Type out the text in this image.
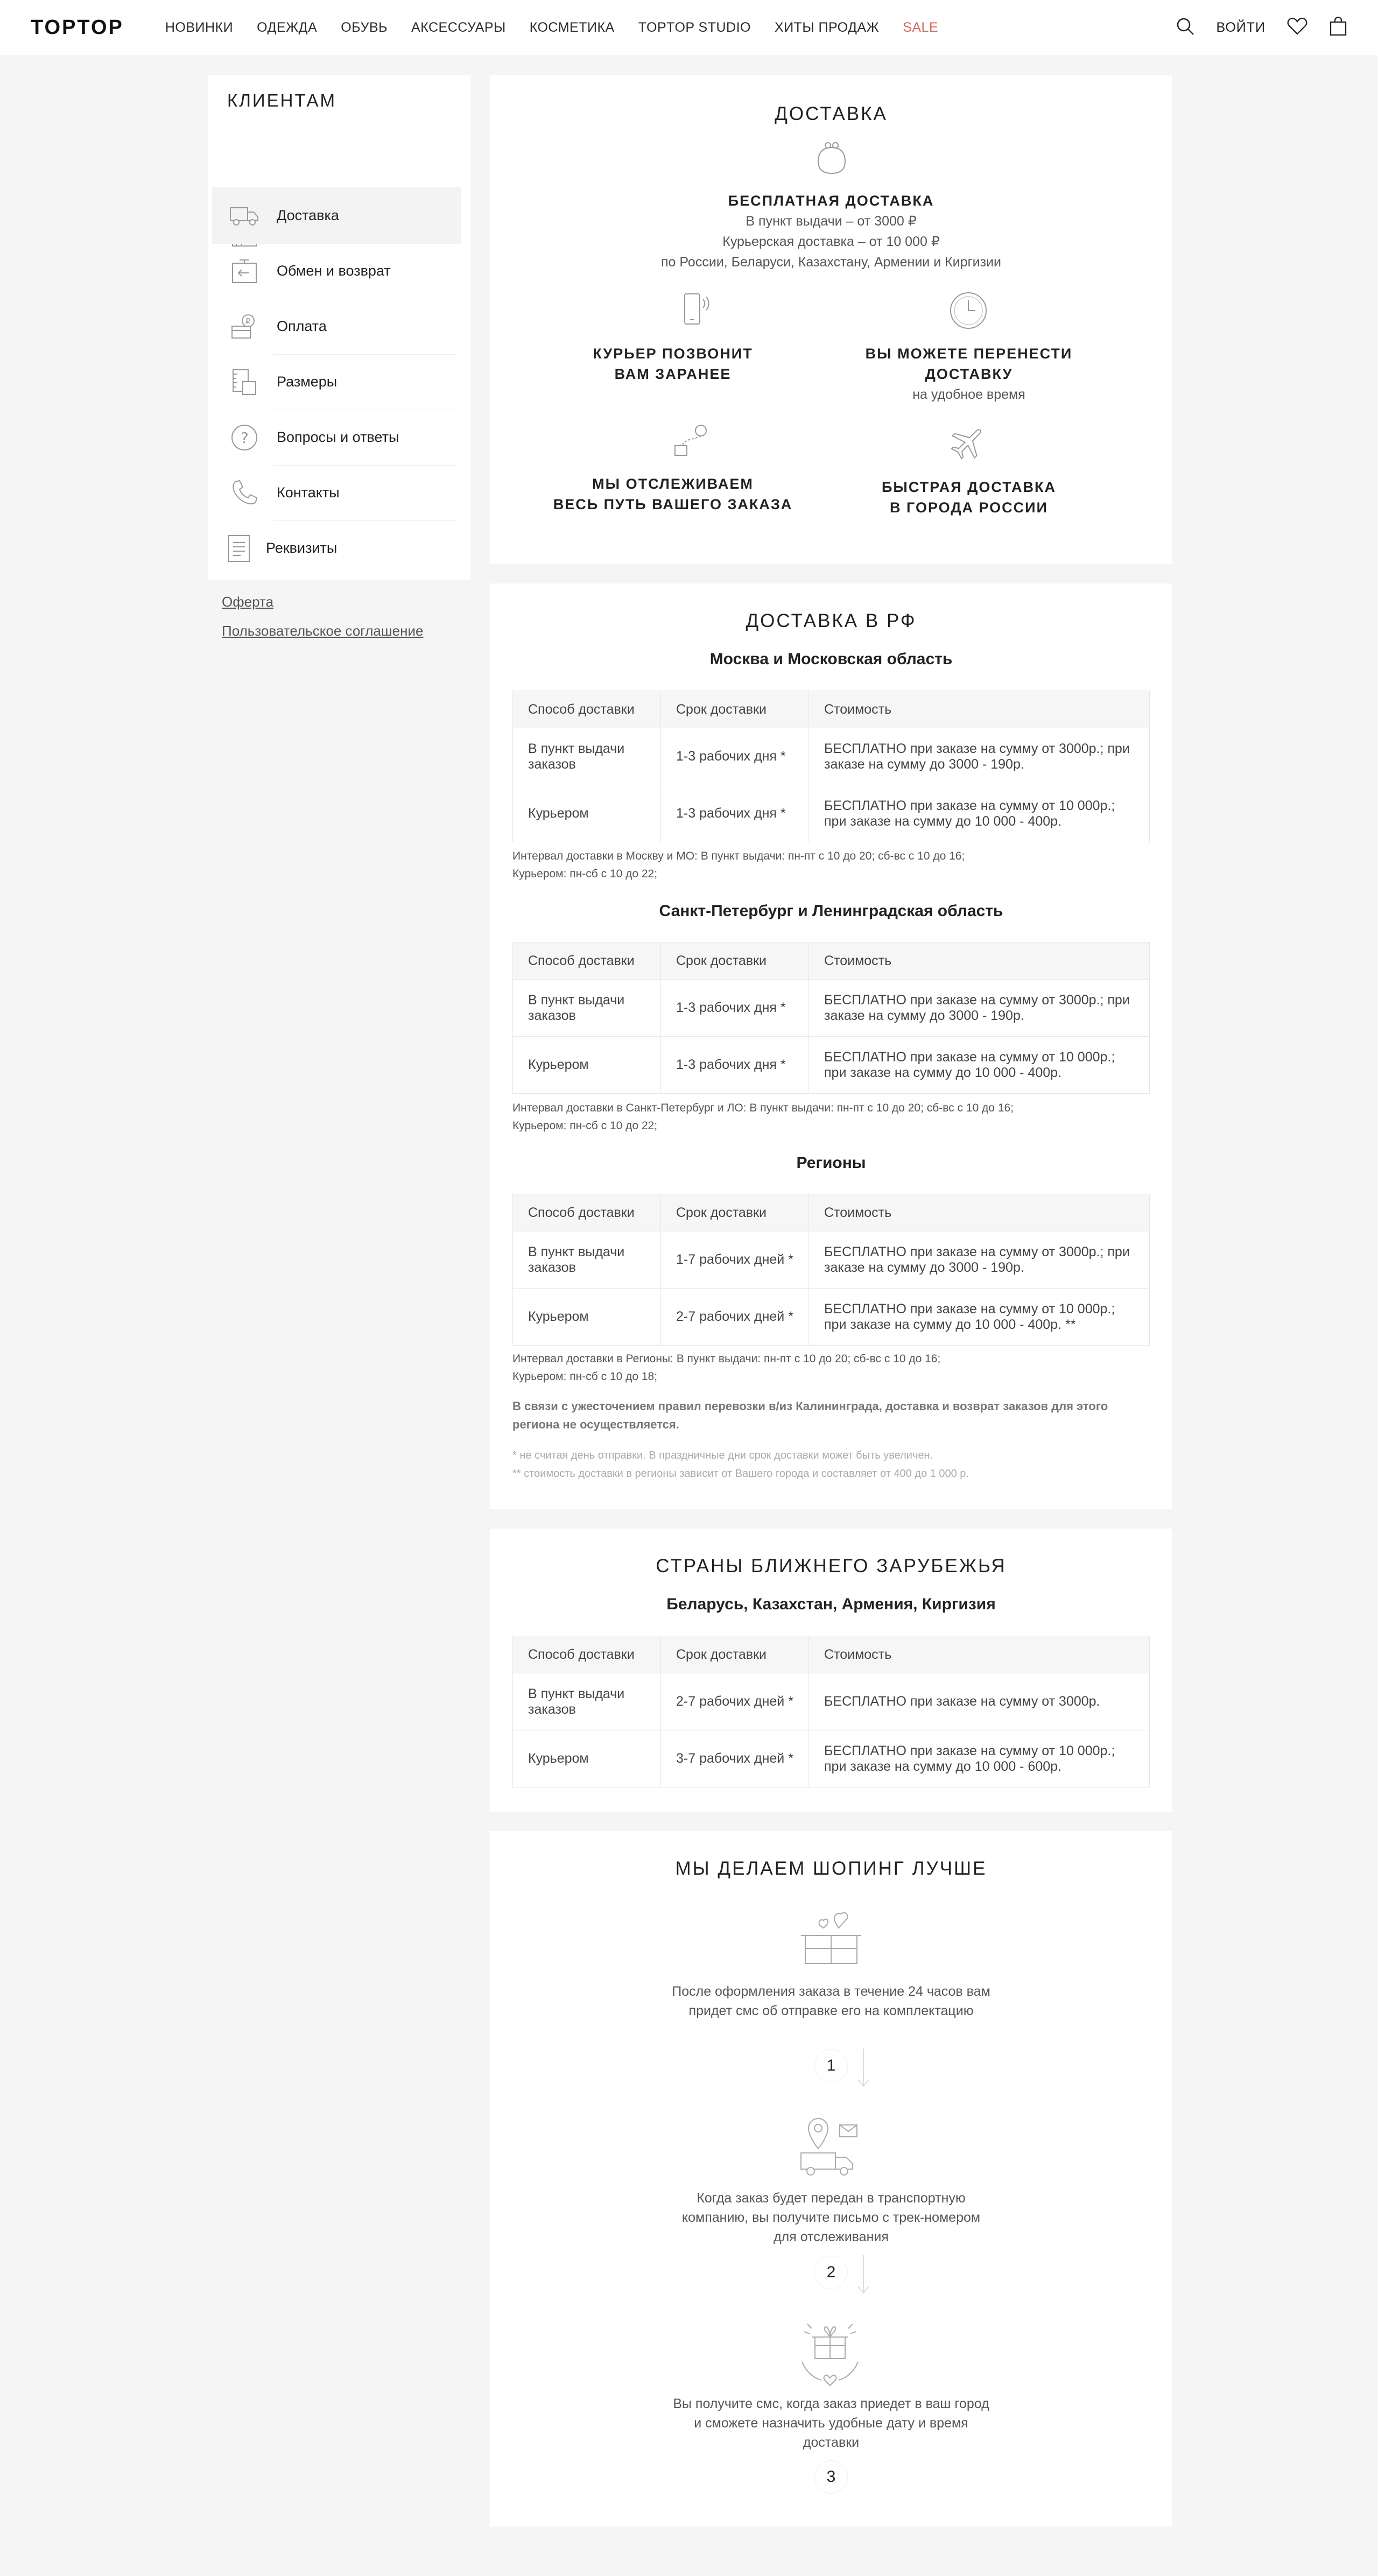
TOPTOP	НОВИНКИ ОДЕЖДА ОБУВЬ АКСЕССУАРЫ КОСМЕТИКА TOPTOP STUDIO ХИТЫ ПРОДАЖ SALE	ВОЙТИ
КЛИЕНТАМ
Доставка
Обмен и возврат
₽ Оплата
Размеры
? Вопросы и ответы
Контакты
Реквизиты
Оферта
Пользовательское соглашение
ДОСТАВКА
БЕСПЛАТНАЯ ДОСТАВКА
В пункт выдачи – от 3000 ₽
Курьерская доставка – от 10 000 ₽
по России, Беларуси, Казахстану, Армении и Киргизии
КУРЬЕР ПОЗВОНИТ
ВАМ ЗАРАНЕЕ
ВЫ МОЖЕТЕ ПЕРЕНЕСТИ
ДОСТАВКУ
на удобное время
МЫ ОТСЛЕЖИВАЕМ
ВЕСЬ ПУТЬ ВАШЕГО ЗАКАЗА
БЫСТРАЯ ДОСТАВКА
В ГОРОДА РОССИИ
ДОСТАВКА В РФ
Москва и Московская область
Способ доставки	Срок доставки	Стоимость
В пункт выдачи заказов	1-3 рабочих дня *	БЕСПЛАТНО при заказе на сумму от 3000р.; при заказе на сумму до 3000 - 190р.
Курьером	1-3 рабочих дня *	БЕСПЛАТНО при заказе на сумму от 10 000р.; при заказе на сумму до 10 000 - 400р.
Интервал доставки в Москву и МО: В пункт выдачи: пн-пт с 10 до 20; сб-вс с 10 до 16;
Курьером: пн-сб с 10 до 22;
Санкт-Петербург и Ленинградская область
Способ доставки	Срок доставки	Стоимость
В пункт выдачи заказов	1-3 рабочих дня *	БЕСПЛАТНО при заказе на сумму от 3000р.; при заказе на сумму до 3000 - 190р.
Курьером	1-3 рабочих дня *	БЕСПЛАТНО при заказе на сумму от 10 000р.; при заказе на сумму до 10 000 - 400р.
Интервал доставки в Санкт-Петербург и ЛО: В пункт выдачи: пн-пт с 10 до 20; сб-вс с 10 до 16;
Курьером: пн-сб с 10 до 22;
Регионы
Способ доставки	Срок доставки	Стоимость
В пункт выдачи заказов	1-7 рабочих дней *	БЕСПЛАТНО при заказе на сумму от 3000р.; при заказе на сумму до 3000 - 190р.
Курьером	2-7 рабочих дней *	БЕСПЛАТНО при заказе на сумму от 10 000р.; при заказе на сумму до 10 000 - 400р. **
Интервал доставки в Регионы: В пункт выдачи: пн-пт с 10 до 20; сб-вс с 10 до 16;
Курьером: пн-сб с 10 до 18;
В связи с ужесточением правил перевозки в/из Калининграда, доставка и возврат заказов для этого
региона не осуществляется.
* не считая день отправки. В праздничные дни срок доставки может быть увеличен.
** стоимость доставки в регионы зависит от Вашего города и составляет от 400 до 1 000 р.
СТРАНЫ БЛИЖНЕГО ЗАРУБЕЖЬЯ
Беларусь, Казахстан, Армения, Киргизия
Способ доставки	Срок доставки	Стоимость
В пункт выдачи заказов	2-7 рабочих дней *	БЕСПЛАТНО при заказе на сумму от 3000р.
Курьером	3-7 рабочих дней *	БЕСПЛАТНО при заказе на сумму от 10 000р.; при заказе на сумму до 10 000 - 600р.
МЫ ДЕЛАЕМ ШОПИНГ ЛУЧШЕ
После оформления заказа в течение 24 часов вам придет смс об отправке его на комплектацию
1
Когда заказ будет передан в транспортную компанию, вы получите письмо с трек-номером для отслеживания
2
Вы получите смс, когда заказ приедет в ваш город и сможете назначить удобные дату и время доставки
3
